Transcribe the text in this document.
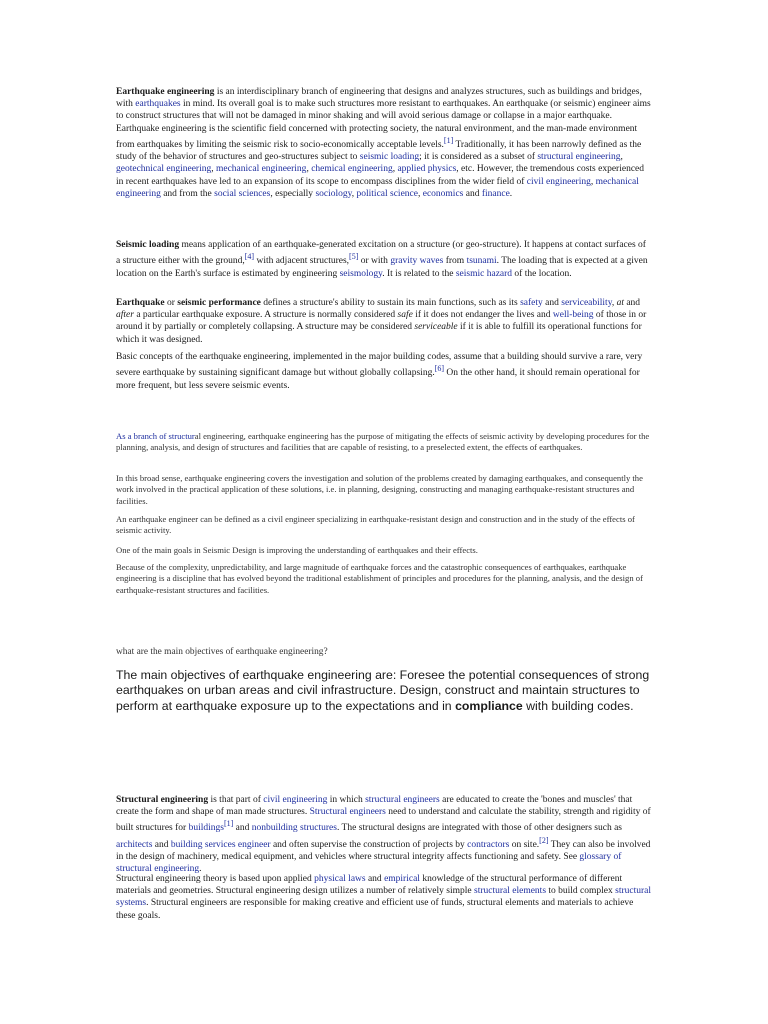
Earthquake engineering is an interdisciplinary branch of engineering that designs and analyzes structures, such as buildings and bridges, with earthquakes in mind. Its overall goal is to make such structures more resistant to earthquakes. An earthquake (or seismic) engineer aims to construct structures that will not be damaged in minor shaking and will avoid serious damage or collapse in a major earthquake. Earthquake engineering is the scientific field concerned with protecting society, the natural environment, and the man-made environment from earthquakes by limiting the seismic risk to socio-economically acceptable levels.[1] Traditionally, it has been narrowly defined as the study of the behavior of structures and geo-structures subject to seismic loading; it is considered as a subset of structural engineering, geotechnical engineering, mechanical engineering, chemical engineering, applied physics, etc. However, the tremendous costs experienced in recent earthquakes have led to an expansion of its scope to encompass disciplines from the wider field of civil engineering, mechanical engineering and from the social sciences, especially sociology, political science, economics and finance.

Seismic loading means application of an earthquake-generated excitation on a structure (or geo-structure). It happens at contact surfaces of a structure either with the ground,[4] with adjacent structures,[5] or with gravity waves from tsunami. The loading that is expected at a given location on the Earth's surface is estimated by engineering seismology. It is related to the seismic hazard of the location.

Earthquake or seismic performance defines a structure's ability to sustain its main functions, such as its safety and serviceability, at and after a particular earthquake exposure. A structure is normally considered safe if it does not endanger the lives and well-being of those in or around it by partially or completely collapsing. A structure may be considered serviceable if it is able to fulfill its operational functions for which it was designed.

Basic concepts of the earthquake engineering, implemented in the major building codes, assume that a building should survive a rare, very severe earthquake by sustaining significant damage but without globally collapsing.[6] On the other hand, it should remain operational for more frequent, but less severe seismic events.

As a branch of structural engineering, earthquake engineering has the purpose of mitigating the effects of seismic activity by developing procedures for the planning, analysis, and design of structures and facilities that are capable of resisting, to a preselected extent, the effects of earthquakes.

In this broad sense, earthquake engineering covers the investigation and solution of the problems created by damaging earthquakes, and consequently the work involved in the practical application of these solutions, i.e. in planning, designing, constructing and managing earthquake-resistant structures and facilities.

An earthquake engineer can be defined as a civil engineer specializing in earthquake-resistant design and construction and in the study of the effects of seismic activity.

One of the main goals in Seismic Design is improving the understanding of earthquakes and their effects.

Because of the complexity, unpredictability, and large magnitude of earthquake forces and the catastrophic consequences of earthquakes, earthquake engineering is a discipline that has evolved beyond the traditional establishment of principles and procedures for the planning, analysis, and the design of earthquake-resistant structures and facilities.

what are the main objectives of earthquake engineering?

The main objectives of earthquake engineering are: Foresee the potential consequences of strong earthquakes on urban areas and civil infrastructure. Design, construct and maintain structures to perform at earthquake exposure up to the expectations and in compliance with building codes.

Structural engineering is that part of civil engineering in which structural engineers are educated to create the 'bones and muscles' that create the form and shape of man made structures. Structural engineers need to understand and calculate the stability, strength and rigidity of built structures for buildings[1] and nonbuilding structures. The structural designs are integrated with those of other designers such as architects and building services engineer and often supervise the construction of projects by contractors on site.[2] They can also be involved in the design of machinery, medical equipment, and vehicles where structural integrity affects functioning and safety. See glossary of structural engineering.

Structural engineering theory is based upon applied physical laws and empirical knowledge of the structural performance of different materials and geometries. Structural engineering design utilizes a number of relatively simple structural elements to build complex structural systems. Structural engineers are responsible for making creative and efficient use of funds, structural elements and materials to achieve these goals.
